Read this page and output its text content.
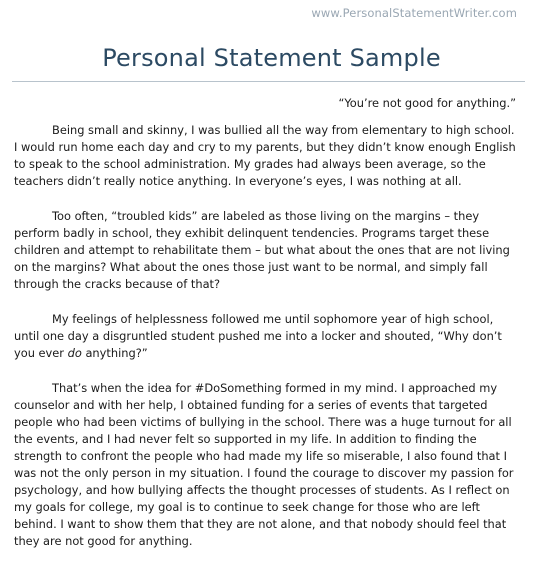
www.PersonalStatementWriter.com
Personal Statement Sample
“You’re not good for anything.”

Being small and skinny, I was bullied all the way from elementary to high school.
I would run home each day and cry to my parents, but they didn’t know enough English
to speak to the school administration. My grades had always been average, so the
teachers didn’t really notice anything. In everyone’s eyes, I was nothing at all.

Too often, “troubled kids” are labeled as those living on the margins – they
perform badly in school, they exhibit delinquent tendencies. Programs target these
children and attempt to rehabilitate them – but what about the ones that are not living
on the margins? What about the ones those just want to be normal, and simply fall
through the cracks because of that?

My feelings of helplessness followed me until sophomore year of high school,
until one day a disgruntled student pushed me into a locker and shouted, “Why don’t
you ever do anything?”

That’s when the idea for #DoSomething formed in my mind. I approached my
counselor and with her help, I obtained funding for a series of events that targeted
people who had been victims of bullying in the school. There was a huge turnout for all
the events, and I had never felt so supported in my life. In addition to finding the
strength to confront the people who had made my life so miserable, I also found that I
was not the only person in my situation. I found the courage to discover my passion for
psychology, and how bullying affects the thought processes of students. As I reflect on
my goals for college, my goal is to continue to seek change for those who are left
behind. I want to show them that they are not alone, and that nobody should feel that
they are not good for anything.
